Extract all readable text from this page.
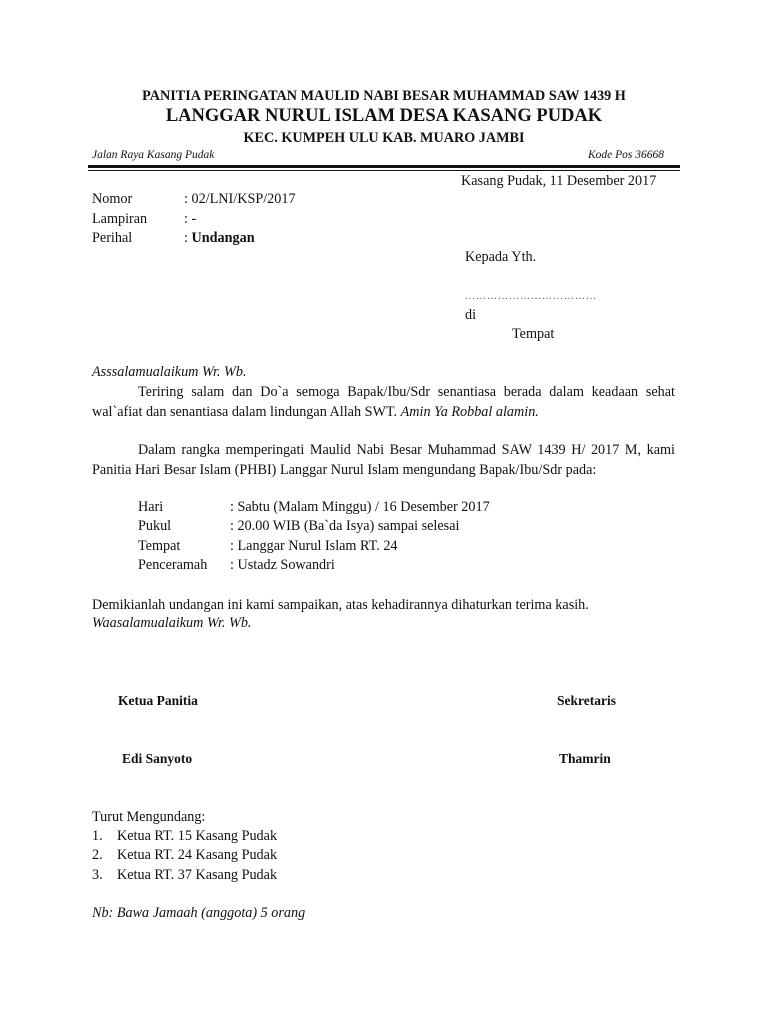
PANITIA PERINGATAN MAULID NABI BESAR MUHAMMAD SAW 1439 H
LANGGAR NURUL ISLAM DESA KASANG PUDAK
KEC. KUMPEH ULU KAB. MUARO JAMBI
Jalan Raya Kasang Pudak	Kode Pos 36668
Kasang Pudak, 11 Desember 2017
Nomor	: 02/LNI/KSP/2017
Lampiran	: -
Perihal	: Undangan
Kepada Yth.
………………………………
di
Tempat
Asssalamualaikum Wr. Wb.
Teriring salam dan Do`a semoga Bapak/Ibu/Sdr senantiasa berada dalam keadaan sehat wal`afiat dan senantiasa dalam lindungan Allah SWT. Amin Ya Robbal alamin.
Dalam rangka memperingati Maulid Nabi Besar Muhammad SAW 1439 H/ 2017 M, kami Panitia Hari Besar Islam (PHBI) Langgar Nurul Islam mengundang Bapak/Ibu/Sdr pada:
Hari	: Sabtu (Malam Minggu) / 16 Desember 2017
Pukul	: 20.00 WIB (Ba`da Isya) sampai selesai
Tempat	: Langgar Nurul Islam RT. 24
Penceramah : Ustadz Sowandri
Demikianlah undangan ini kami sampaikan, atas kehadirannya dihaturkan terima kasih.
Waasalamualaikum Wr. Wb.
Ketua Panitia	Sekretaris
Edi Sanyoto	Thamrin
Turut Mengundang:
1. Ketua RT. 15 Kasang Pudak
2. Ketua RT. 24 Kasang Pudak
3. Ketua RT. 37 Kasang Pudak
Nb: Bawa Jamaah (anggota) 5 orang
